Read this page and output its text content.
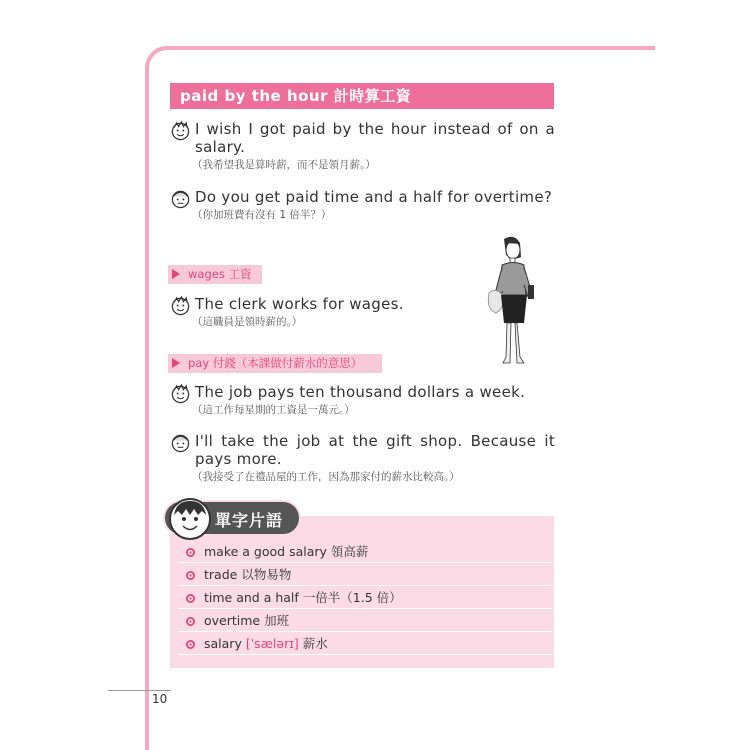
paid by the hour 計時算工資
I wish I got paid by the hour instead of on a salary.
（我希望我是算時薪，而不是領月薪。）
Do you get paid time and a half for overtime?
（你加班費有沒有 1 倍半？）
wages 工資
The clerk works for wages.
（這職員是領時薪的。）
pay 付錢（本課做付薪水的意思）
The job pays ten thousand dollars a week.
（這工作每星期的工資是一萬元。）
I'll take the job at the gift shop. Because it pays more.
（我接受了在禮品屋的工作，因為那家付的薪水比較高。）
單字片語
make a good salary 領高薪
trade 以物易物
time and a half 一倍半（1.5 倍）
overtime 加班
salary [ˈsælərɪ] 薪水
10
